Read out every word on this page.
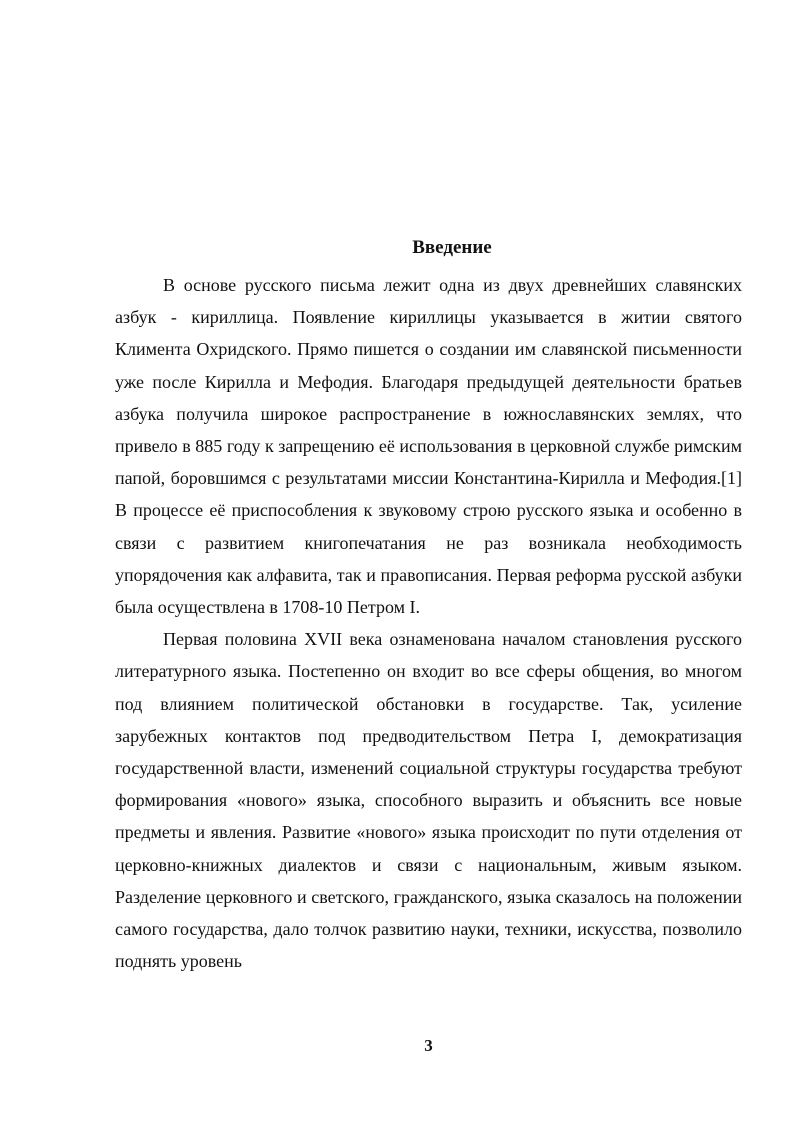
Введение

В основе русского письма лежит одна из двух древнейших славянских азбук - кириллица. Появление кириллицы указывается в житии святого Климента Охридского. Прямо пишется о создании им славянской письменности уже после Кирилла и Мефодия. Благодаря предыдущей деятельности братьев азбука получила широкое распространение в южнославянских землях, что привело в 885 году к запрещению её использования в церковной службе римским папой, боровшимся с результатами миссии Константина-Кирилла и Мефодия.[1] В процессе её приспособления к звуковому строю русского языка и особенно в связи с развитием книгопечатания не раз возникала необходимость упорядочения как алфавита, так и правописания. Первая реформа русской азбуки была осуществлена в 1708-10 Петром I.

Первая половина XVII века ознаменована началом становления русского литературного языка. Постепенно он входит во все сферы общения, во многом под влиянием политической обстановки в государстве. Так, усиление зарубежных контактов под предводительством Петра I, демократизация государственной власти, изменений социальной структуры государства требуют формирования «нового» языка, способного выразить и объяснить все новые предметы и явления. Развитие «нового» языка происходит по пути отделения от церковно-книжных диалектов и связи с национальным, живым языком. Разделение церковного и светского, гражданского, языка сказалось на положении самого государства, дало толчок развитию науки, техники, искусства, позволило поднять уровень

3
